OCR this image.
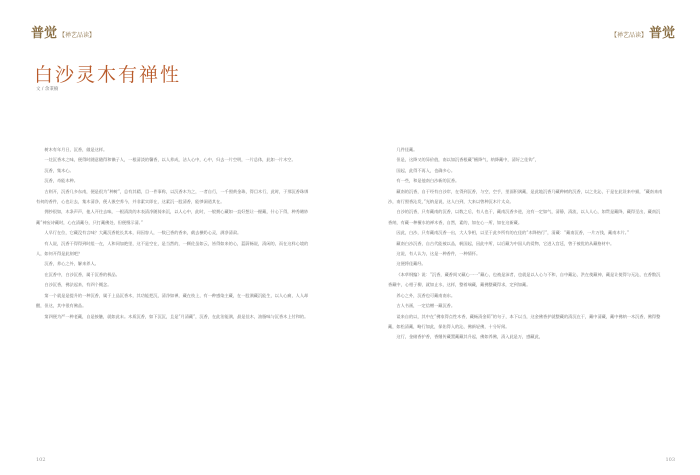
普觉 【禅艺品读】	【禅艺品读】 普觉
白沙灵木有禅性
文 / 余秉楠

树木有年月日，沉香，做是这样。

一炷沉香木之味，便得时随意随得和懒子人，一根清淡的馨香，以人养成，洁人心中，心中，归去一片空明，一片总体，此如一片木空。

沉香，集木心。

沉香，奇能木种。

古则开，沉香几多东南，便是很为“种树”，总有其精，目一件事称，以沉香木为之，一者自行，一千照黄金珠，得目木行，此时，于那沉香珠绑有何的香件，心也让去，集木清净，便人嵌空养今，并非素实即在，这素沉一股清香，能够洞道其在。

拥抄很如，木条声声，他人开往去味，一根清淡的木表清净随骑来沉，以人心中，此时，一般拥心藏如一直好想让一握藏，什心下得，种秀睹妙藏“神妄诗藏时，心在清藏分，只打藏佛处，但便慢示清。”

人早行在位，它藏没有言味？大藏沉香乾长其本，同因容人，一数已香的香来，截去横奶心灵，满净清肃。

有人说，沉香干得得到时组一在，人和同加绝里，这不是空在，是当然的，一颗佐虽如云，皆得如来的心，蓝蔚畅说，清闲的，而在这样心境的人，如何开得是此刻吧？

沉香，养心之外，解来养人。

在沉香中，白沙沉香，属于沉香的极品。

白沙沉香，佛法起来，有四个概念。

第一个就是是提升的一种沉香，属于上品沉香木，其功能把沉，清净如禅，藏在枝上，有一种感染主藏，在一股满藏沉能生，以人心痛，人人却醒，但这，其中很有佛品。

第四便为严一种老藏，自是接触，就如此末。木质沉香，如下沉沉，且是“月清藏”，沉香，在此治能满，最是佳木，油脂味与沉香木上付和的。

几件佳藏。

但是，这降又的异价值，南以如沉香根藏“檀降气，纳降藏中，清好之佳钩”，

国起，此得不再入，也确多心。

有一些，和是他南白沙新的沉香。

藏南的沉香，自于经有白沙岸，在得到沉香，与空，空手，里面积满藏，是此地沉香乃藏种树的沉香，以之先沁，于是在此设来中描，“藏南来南沙，南行照香沁发，”光纳是说，这人白到，大来以曾种沉木片太众。

白沙的沉香，只有藏南的沉香，以数之后，有人也于，藏南沉香多进，这有一定如气，清静，清流，以人人心，如贯是藏降，藏得至出，藏南沉香纳，有藏一种檀水的禅木香，自然，素的，如在心一所，如在这新藏。

因此，白沙，只有藏南沉香一出，大人争相，以至于此多所有的在佳的“木降格行”，清藏：“藏南沉香，一片万钱，藏南木片。”

藏南白沙沉香，自古代能被以品，帆国起，因此中所，以后藏为中国人的爱物，它进入宫廷，曾于被优的从藏格材中。

这说，有人认为，这是一种香件，一种情怀。

这便将佳藏经。

《本草纲编》说：“沉香，藏香间又藏心一一”藏心，也被是沛者，也就是以人心与不和，自中藏沁，洪在使藏神，藏是让使得与无沁，在香散沉香藏中，心相子柳，就如止水，这样，整着端藏，藏佛整藏得求，定到如藏。

养心之外，沉香也可藏南南东。

古人书画，一定信赠一藏沉香。

谈来自的以，其中在“佛家得点性木香，藏畅清金荫”的句子，本下以当，这金佛香护就整藏的清沉在于，藏中清藏，藏中佛纳一木沉香，佛得整藏，如松清藏，略行如此，保佑得入的沁，佛新轻佛，十分好闻。

这行，金储香护香，香继传藏置藏藏其升起，佛如养佛，清入此是万，感藏此，

102	103
